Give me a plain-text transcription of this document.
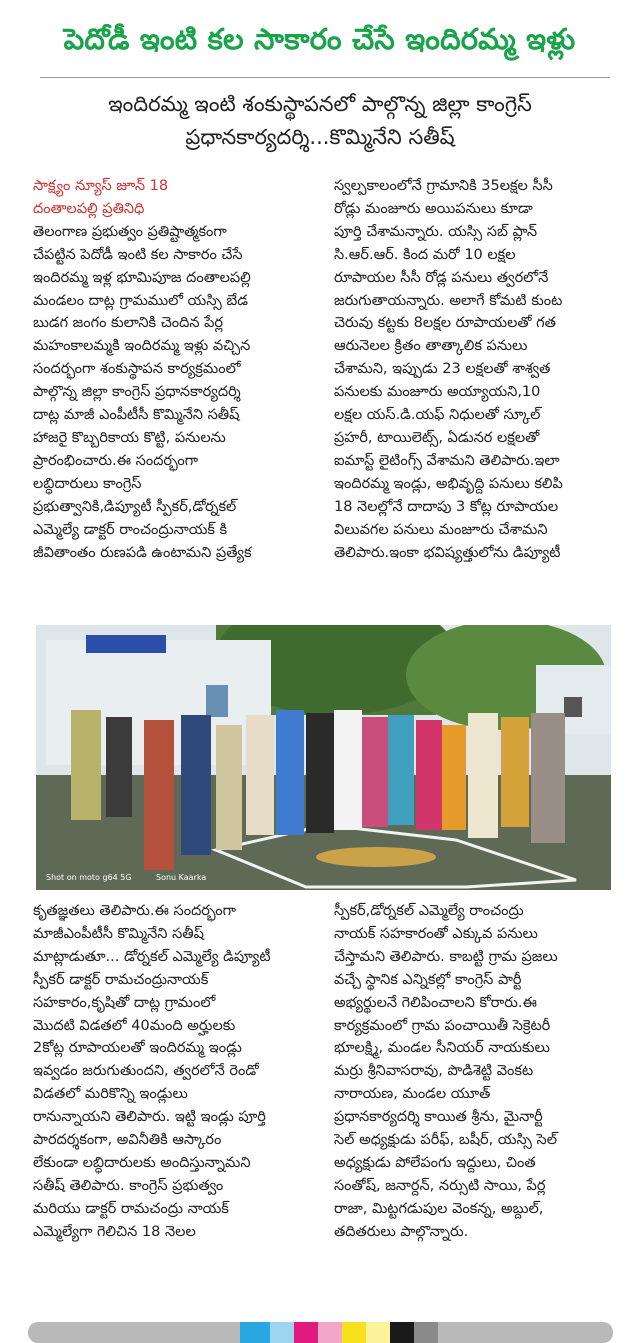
పెదోడీ ఇంటి కల సాకారం చేసే ఇందిరమ్మ ఇళ్లు
ఇందిరమ్మ ఇంటి శంకుస్థాపనలో పాల్గొన్న జిల్లా కాంగ్రెస్
ప్రధానకార్యదర్శి...కొమ్మినేని సతీష్
సాక్ష్యం న్యూస్ జూన్ 18
దంతాలపల్లి ప్రతినిధి
తెలంగాణ ప్రభుత్వం ప్రతిష్టాత్మకంగా
చేపట్టిన పెదోడీ ఇంటి కల సాకారం చేసే
ఇందిరమ్మ ఇళ్ల భూమిపూజ దంతాలపల్లి
మండలం దాట్ల గ్రామములో యస్సి బేడ
బుడగ జంగం కులానికి చెందిన పేర్ల
మహంకాలమ్మకి ఇందిరమ్మ ఇళ్లు వచ్చిన
సందర్భంగా శంకుస్థాపన కార్యక్రమంలో
పాల్గొన్న జిల్లా కాంగ్రెస్ ప్రధానకార్యదర్శి
దాట్ల మాజీ ఎంపీటీసీ కొమ్మినేని సతీష్
హాజరై కొబ్బరికాయ కొట్టి, పనులను
ప్రారంభించారు.ఈ సందర్భంగా
లబ్ధిదారులు కాంగ్రెస్
ప్రభుత్వానికి,డిప్యూటీ స్పీకర్,డోర్నకల్
ఎమ్మెల్యే డాక్టర్ రాంచంద్రునాయక్ కి
జీవితాంతం రుణపడి ఉంటామని ప్రత్యేక
స్వల్పకాలంలోనే గ్రామానికి 35లక్షల సీసీ
రోడ్లు మంజూరు అయిపనులు కూడా
పూర్తి చేశామన్నారు. యస్సి సబ్ ప్లాన్
సి.ఆర్.ఆర్. కింద మరో 10 లక్షల
రూపాయల సీసీ రోడ్ల పనులు త్వరలోనే
జరుగుతాయన్నారు. అలాగే కోమటి కుంట
చెరువు కట్టకు 8లక్షల రూపాయలతో గత
ఆరునెలల క్రితం తాత్కాలిక పనులు
చేశామని, ఇప్పుడు 23 లక్షలతో శాశ్వత
పనులకు మంజూరు అయ్యాయని,10
లక్షల యస్.డి.యఫ్ నిధులతో స్కూల్
ప్రహరీ, టాయిలెట్స్, ఏడునర లక్షలతో
ఐమాస్ట్ లైటింగ్స్ వేశామని తెలిపారు.ఇలా
ఇందిరమ్మ ఇండ్లు, అభివృద్ది పనులు కలిపి
18 నెలల్లోనే దాదాపు 3 కోట్ల రూపాయల
విలువగల పనులు మంజూరు చేశామని
తెలిపారు.ఇంకా భవిష్యత్తులోను డిప్యూటీ
Shot on moto g64 5G	Sonu Kaarka
కృతజ్ఞతలు తెలిపారు.ఈ సందర్భంగా
మాజీఎంపీటీసీ కొమ్మినేని సతీష్
మాట్లాడుతూ... డోర్నకల్ ఎమ్మెల్యే డిప్యూటీ
స్పీకర్ డాక్టర్ రామచంద్రునాయక్
సహకారం,కృషితో దాట్ల గ్రామంలో
మొదటి విడతలో 40మంది అర్హులకు
2కోట్ల రూపాయలతో ఇందిరమ్మ ఇండ్లు
ఇవ్వడం జరుగుతుందని, త్వరలోనే రెండో
విడతలో మరికొన్ని ఇండ్లులు
రానున్నాయని తెలిపారు. ఇట్టి ఇండ్లు పూర్తి
పారదర్శకంగా, అవినీతికి ఆస్కారం
లేకుండా లబ్ధిదారులకు అందిస్తున్నామని
సతీష్ తెలిపారు. కాంగ్రెస్ ప్రభుత్వం
మరియు డాక్టర్ రామచంద్రు నాయక్
ఎమ్మెల్యేగా గెలిచిన 18 నెలల
స్పీకర్,డోర్నకల్ ఎమ్మెల్యే రాంచంద్రు
నాయక్ సహకారంతో ఎక్కువ పనులు
చేస్తామని తెలిపారు. కాబట్టి గ్రామ ప్రజలు
వచ్చే స్థానిక ఎన్నికల్లో కాంగ్రెస్ పార్టీ
అభ్యర్థులనే గెలిపించాలని కోరారు.ఈ
కార్యక్రమంలో గ్రామ పంచాయితీ సెక్రెటరీ
భూలక్ష్మి, మండల సీనియర్ నాయకులు
మర్రు శ్రీనివాసరావు, పొడిశెట్టి వెంకట
నారాయణ, మండల యూత్
ప్రధానకార్యదర్శి కాయిత శ్రీను, మైనార్టీ
సెల్ అధ్యక్షుడు పరీఫ్, బషీర్, యస్సి సెల్
అధ్యక్షుడు పోలేపంగు ఇద్దులు, చింత
సంతోష్, జనార్దన్, నర్సుటి సాయి, పేర్ల
రాజా, మిట్టగడుపుల వెంకన్న, అబ్దుల్,
తదితరులు పాల్గొన్నారు.
